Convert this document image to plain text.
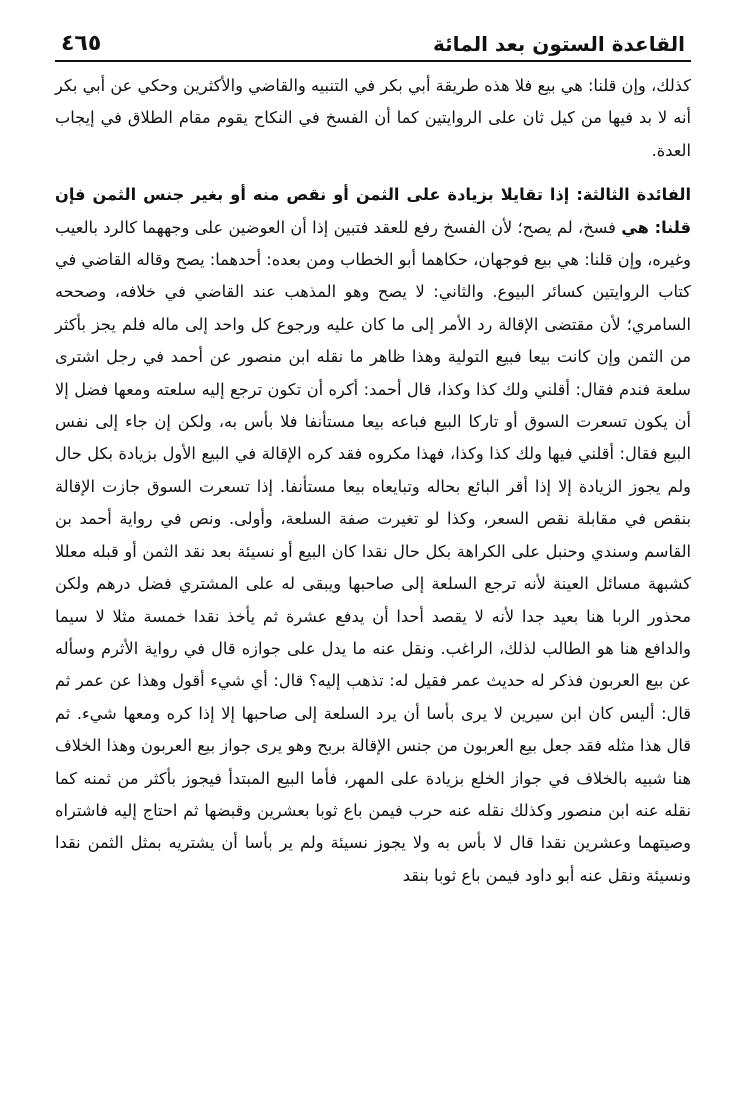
القاعدة الستون بعد المائة
٤٦٥

كذلك، وإن قلنا: هي بيع فلا هذه طريقة أبي بكر في التنبيه والقاضي والأكثرين وحكي عن أبي بكر أنه لا بد فيها من كيل ثان على الروايتين كما أن الفسخ في النكاح يقوم مقام الطلاق في إيجاب العدة.

الفائدة الثالثة: إذا تقايلا بزيادة على الثمن أو نقص منه أو بغير جنس الثمن فإن قلنا: هي فسخ، لم يصح؛ لأن الفسخ رفع للعقد فتبين إذا أن العوضين على وجههما كالرد بالعيب وغيره، وإن قلنا: هي بيع فوجهان، حكاهما أبو الخطاب ومن بعده: أحدهما: يصح وقاله القاضي في كتاب الروايتين كسائر البيوع. والثاني: لا يصح وهو المذهب عند القاضي في خلافه، وصححه السامري؛ لأن مقتضى الإقالة رد الأمر إلى ما كان عليه ورجوع كل واحد إلى ماله فلم يجز بأكثر من الثمن وإن كانت بيعا فبيع التولية وهذا ظاهر ما نقله ابن منصور عن أحمد في رجل اشترى سلعة فندم فقال: أقلني ولك كذا وكذا، قال أحمد: أكره أن تكون ترجع إليه سلعته ومعها فضل إلا أن يكون تسعرت السوق أو تاركا البيع فباعه بيعا مستأنفا فلا بأس به، ولكن إن جاء إلى نفس البيع فقال: أقلني فيها ولك كذا وكذا، فهذا مكروه فقد كره الإقالة في البيع الأول بزيادة بكل حال ولم يجوز الزيادة إلا إذا أقر البائع بحاله وتبايعاه بيعا مستأنفا. إذا تسعرت السوق جازت الإقالة بنقص في مقابلة نقص السعر، وكذا لو تغيرت صفة السلعة، وأولى. ونص في رواية أحمد بن القاسم وسندي وحنبل على الكراهة بكل حال نقدا كان البيع أو نسيئة بعد نقد الثمن أو قبله معللا كشبهة مسائل العينة لأنه ترجع السلعة إلى صاحبها ويبقى له على المشتري فضل درهم ولكن محذور الربا هنا بعيد جدا لأنه لا يقصد أحدا أن يدفع عشرة ثم يأخذ نقدا خمسة مثلا لا سيما والدافع هنا هو الطالب لذلك، الراغب. ونقل عنه ما يدل على جوازه قال في رواية الأثرم وسأله عن بيع العربون فذكر له حديث عمر فقيل له: تذهب إليه؟ قال: أي شيء أقول وهذا عن عمر ثم قال: أليس كان ابن سيرين لا يرى بأسا أن يرد السلعة إلى صاحبها إلا إذا كره ومعها شيء. ثم قال هذا مثله فقد جعل بيع العربون من جنس الإقالة بربح وهو يرى جواز بيع العربون وهذا الخلاف هنا شبيه بالخلاف في جواز الخلع بزيادة على المهر، فأما البيع المبتدأ فيجوز بأكثر من ثمنه كما نقله عنه ابن منصور وكذلك نقله عنه حرب فيمن باع ثوبا بعشرين وقبضها ثم احتاج إليه فاشتراه وصيتهما وعشرين نقدا قال لا بأس به ولا يجوز نسيئة ولم ير بأسا أن يشتريه بمثل الثمن نقدا ونسيئة ونقل عنه أبو داود فيمن باع ثوبا بنقد
